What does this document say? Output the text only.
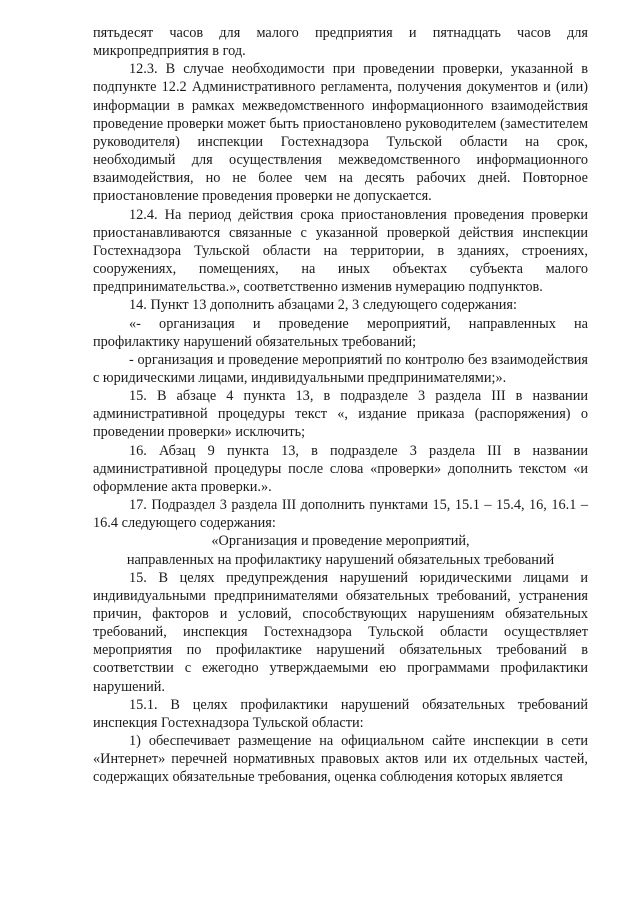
пятьдесят часов для малого предприятия и пятнадцать часов для микропредприятия в год.

12.3. В случае необходимости при проведении проверки, указанной в подпункте 12.2 Административного регламента, получения документов и (или) информации в рамках межведомственного информационного взаимодействия проведение проверки может быть приостановлено руководителем (заместителем руководителя) инспекции Гостехнадзора Тульской области на срок, необходимый для осуществления межведомственного информационного взаимодействия, но не более чем на десять рабочих дней. Повторное приостановление проведения проверки не допускается.

12.4. На период действия срока приостановления проведения проверки приостанавливаются связанные с указанной проверкой действия инспекции Гостехнадзора Тульской области на территории, в зданиях, строениях, сооружениях, помещениях, на иных объектах субъекта малого предпринимательства.», соответственно изменив нумерацию подпунктов.

14. Пункт 13 дополнить абзацами 2, 3 следующего содержания:

«- организация и проведение мероприятий, направленных на профилактику нарушений обязательных требований;

- организация и проведение мероприятий по контролю без взаимодействия с юридическими лицами, индивидуальными предпринимателями;».

15. В абзаце 4 пункта 13, в подразделе 3 раздела III в названии административной процедуры текст «, издание приказа (распоряжения) о проведении проверки» исключить;

16. Абзац 9 пункта 13, в подразделе 3 раздела III в названии административной процедуры после слова «проверки» дополнить текстом «и оформление акта проверки.».

17. Подраздел 3 раздела III дополнить пунктами 15, 15.1 – 15.4, 16, 16.1 – 16.4 следующего содержания:

«Организация и проведение мероприятий,

направленных на профилактику нарушений обязательных требований

15. В целях предупреждения нарушений юридическими лицами и индивидуальными предпринимателями обязательных требований, устранения причин, факторов и условий, способствующих нарушениям обязательных требований, инспекция Гостехнадзора Тульской области осуществляет мероприятия по профилактике нарушений обязательных требований в соответствии с ежегодно утверждаемыми ею программами профилактики нарушений.

15.1. В целях профилактики нарушений обязательных требований инспекция Гостехнадзора Тульской области:

1) обеспечивает размещение на официальном сайте инспекции в сети «Интернет» перечней нормативных правовых актов или их отдельных частей, содержащих обязательные требования, оценка соблюдения которых является
